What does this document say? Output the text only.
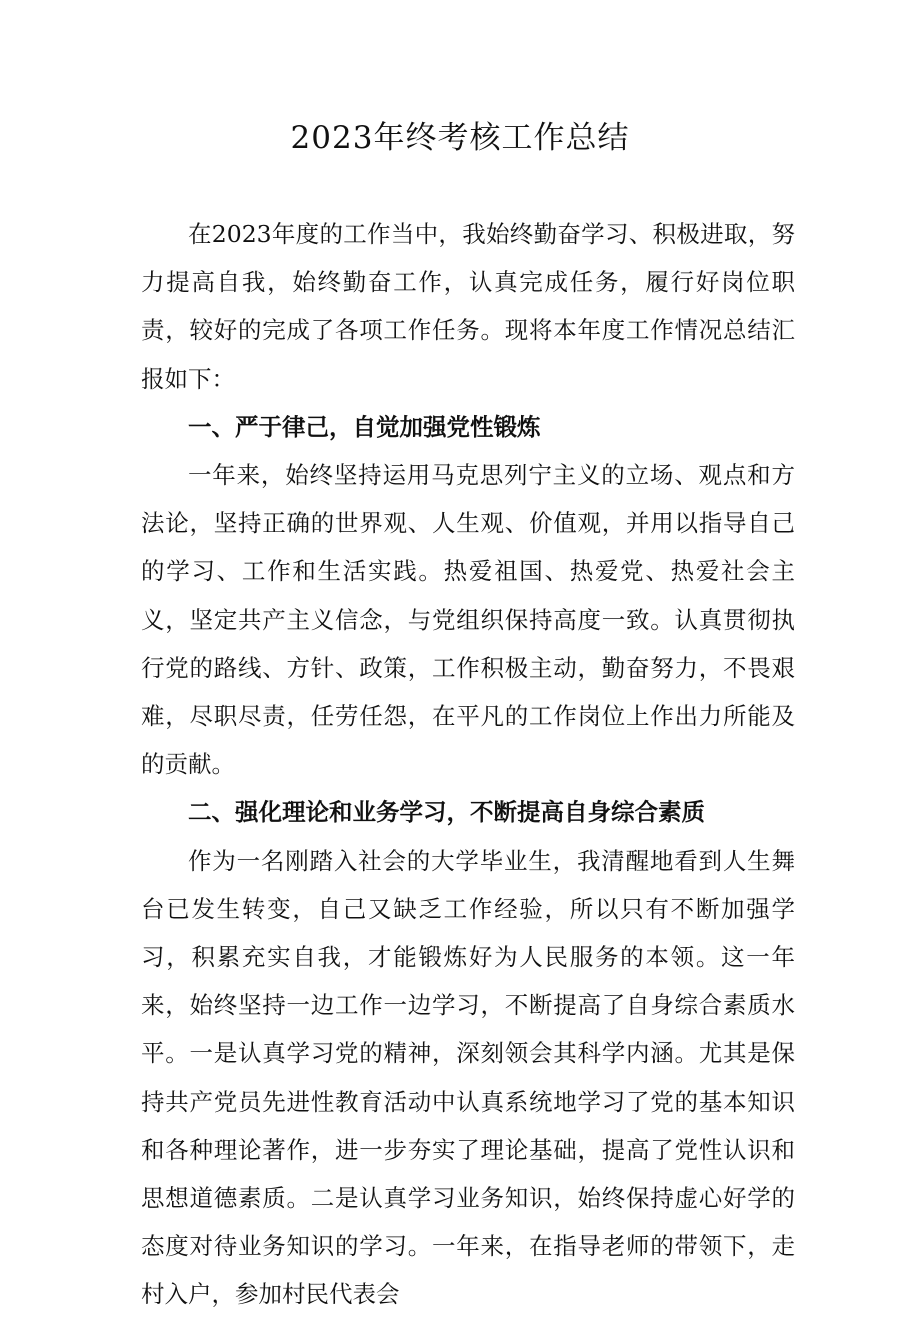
2023年终考核工作总结

在2023年度的工作当中，我始终勤奋学习、积极进取，努力提高自我，始终勤奋工作，认真完成任务，履行好岗位职责，较好的完成了各项工作任务。现将本年度工作情况总结汇报如下：

一、严于律己，自觉加强党性锻炼

一年来，始终坚持运用马克思列宁主义的立场、观点和方法论，坚持正确的世界观、人生观、价值观，并用以指导自己的学习、工作和生活实践。热爱祖国、热爱党、热爱社会主义，坚定共产主义信念，与党组织保持高度一致。认真贯彻执行党的路线、方针、政策，工作积极主动，勤奋努力，不畏艰难，尽职尽责，任劳任怨，在平凡的工作岗位上作出力所能及的贡献。

二、强化理论和业务学习，不断提高自身综合素质

作为一名刚踏入社会的大学毕业生，我清醒地看到人生舞台已发生转变，自己又缺乏工作经验，所以只有不断加强学习，积累充实自我，才能锻炼好为人民服务的本领。这一年来，始终坚持一边工作一边学习，不断提高了自身综合素质水平。一是认真学习党的精神，深刻领会其科学内涵。尤其是保持共产党员先进性教育活动中认真系统地学习了党的基本知识和各种理论著作，进一步夯实了理论基础，提高了党性认识和思想道德素质。二是认真学习业务知识，始终保持虚心好学的态度对待业务知识的学习。一年来，在指导老师的带领下，走村入户，参加村民代表会
